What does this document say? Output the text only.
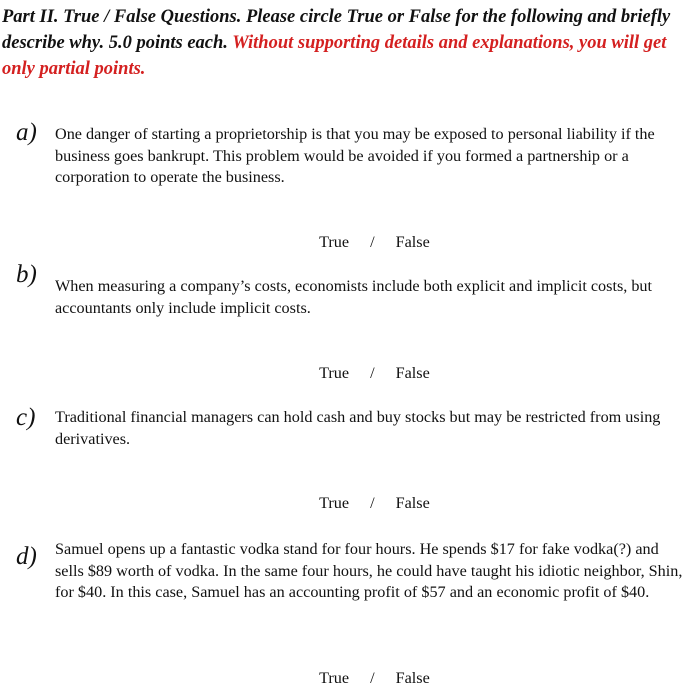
Part II. True / False Questions. Please circle True or False for the following and briefly describe why. 5.0 points each. Without supporting details and explanations, you will get only partial points.
a) One danger of starting a proprietorship is that you may be exposed to personal liability if the business goes bankrupt. This problem would be avoided if you formed a partnership or a corporation to operate the business.

True / False

b) When measuring a company’s costs, economists include both explicit and implicit costs, but accountants only include implicit costs.

True / False

c) Traditional financial managers can hold cash and buy stocks but may be restricted from using derivatives.

True / False

d) Samuel opens up a fantastic vodka stand for four hours. He spends $17 for fake vodka(?) and sells $89 worth of vodka. In the same four hours, he could have taught his idiotic neighbor, Shin, for $40. In this case, Samuel has an accounting profit of $57 and an economic profit of $40.

True / False
